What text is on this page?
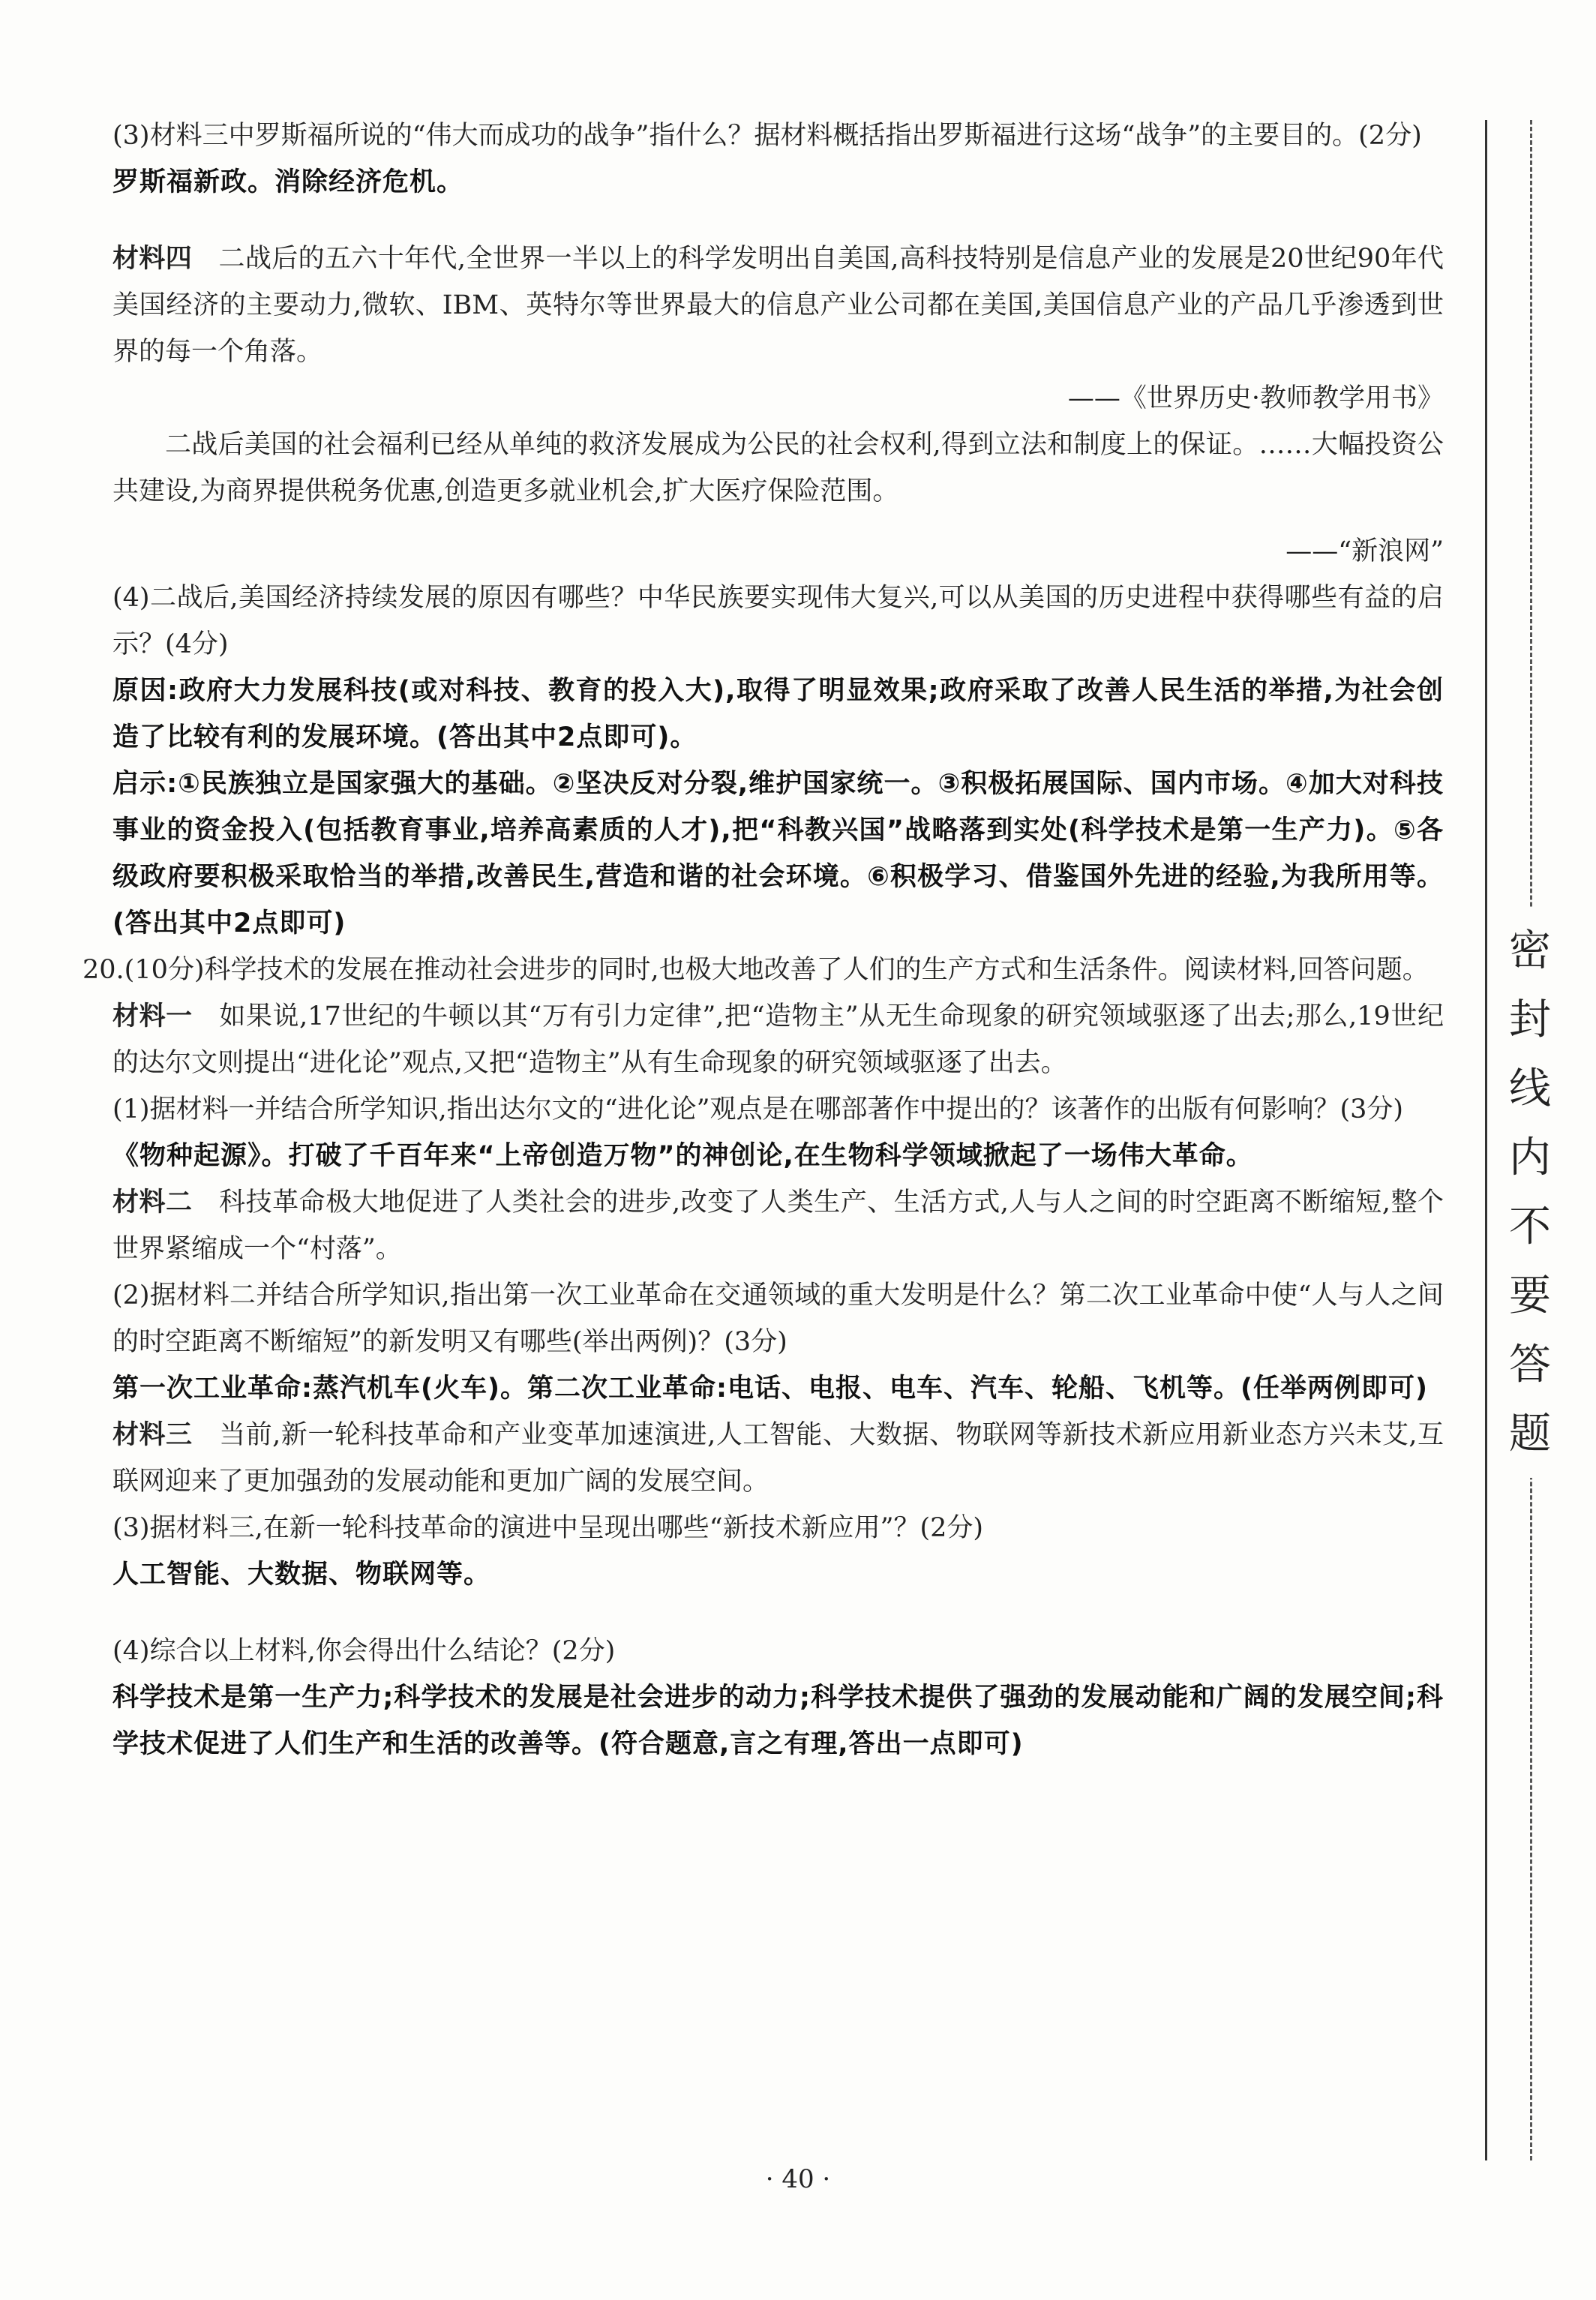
(3)材料三中罗斯福所说的“伟大而成功的战争”指什么？据材料概括指出罗斯福进行这场“战争”的主要目的。(2分)

罗斯福新政。消除经济危机。

材料四　 二战后的五六十年代,全世界一半以上的科学发明出自美国,高科技特别是信息产业的发展是20世纪90年代美国经济的主要动力,微软、IBM、英特尔等世界最大的信息产业公司都在美国,美国信息产业的产品几乎渗透到世界的每一个角落。

——《世界历史·教师教学用书》

二战后美国的社会福利已经从单纯的救济发展成为公民的社会权利,得到立法和制度上的保证。……大幅投资公共建设,为商界提供税务优惠,创造更多就业机会,扩大医疗保险范围。

——“新浪网”

(4)二战后,美国经济持续发展的原因有哪些？中华民族要实现伟大复兴,可以从美国的历史进程中获得哪些有益的启示？(4分)

原因:政府大力发展科技(或对科技、教育的投入大),取得了明显效果;政府采取了改善人民生活的举措,为社会创造了比较有利的发展环境。(答出其中2点即可)。

启示:①民族独立是国家强大的基础。②坚决反对分裂,维护国家统一。③积极拓展国际、国内市场。④加大对科技事业的资金投入(包括教育事业,培养高素质的人才),把“科教兴国”战略落到实处(科学技术是第一生产力)。⑤各级政府要积极采取恰当的举措,改善民生,营造和谐的社会环境。⑥积极学习、借鉴国外先进的经验,为我所用等。(答出其中2点即可)

20.(10分)科学技术的发展在推动社会进步的同时,也极大地改善了人们的生产方式和生活条件。阅读材料,回答问题。

材料一　 如果说,17世纪的牛顿以其“万有引力定律”,把“造物主”从无生命现象的研究领域驱逐了出去;那么,19世纪的达尔文则提出“进化论”观点,又把“造物主”从有生命现象的研究领域驱逐了出去。

(1)据材料一并结合所学知识,指出达尔文的“进化论”观点是在哪部著作中提出的？该著作的出版有何影响？(3分)

《物种起源》。打破了千百年来“上帝创造万物”的神创论,在生物科学领域掀起了一场伟大革命。

材料二　 科技革命极大地促进了人类社会的进步,改变了人类生产、生活方式,人与人之间的时空距离不断缩短,整个世界紧缩成一个“村落”。

(2)据材料二并结合所学知识,指出第一次工业革命在交通领域的重大发明是什么？第二次工业革命中使“人与人之间的时空距离不断缩短”的新发明又有哪些(举出两例)？(3分)

第一次工业革命:蒸汽机车(火车)。第二次工业革命:电话、电报、电车、汽车、轮船、飞机等。(任举两例即可)

材料三　 当前,新一轮科技革命和产业变革加速演进,人工智能、大数据、物联网等新技术新应用新业态方兴未艾,互联网迎来了更加强劲的发展动能和更加广阔的发展空间。

(3)据材料三,在新一轮科技革命的演进中呈现出哪些“新技术新应用”？(2分)

人工智能、大数据、物联网等。

(4)综合以上材料,你会得出什么结论？(2分)

科学技术是第一生产力;科学技术的发展是社会进步的动力;科学技术提供了强劲的发展动能和广阔的发展空间;科学技术促进了人们生产和生活的改善等。(符合题意,言之有理,答出一点即可)

密封线内不要答题
· 40 ·
